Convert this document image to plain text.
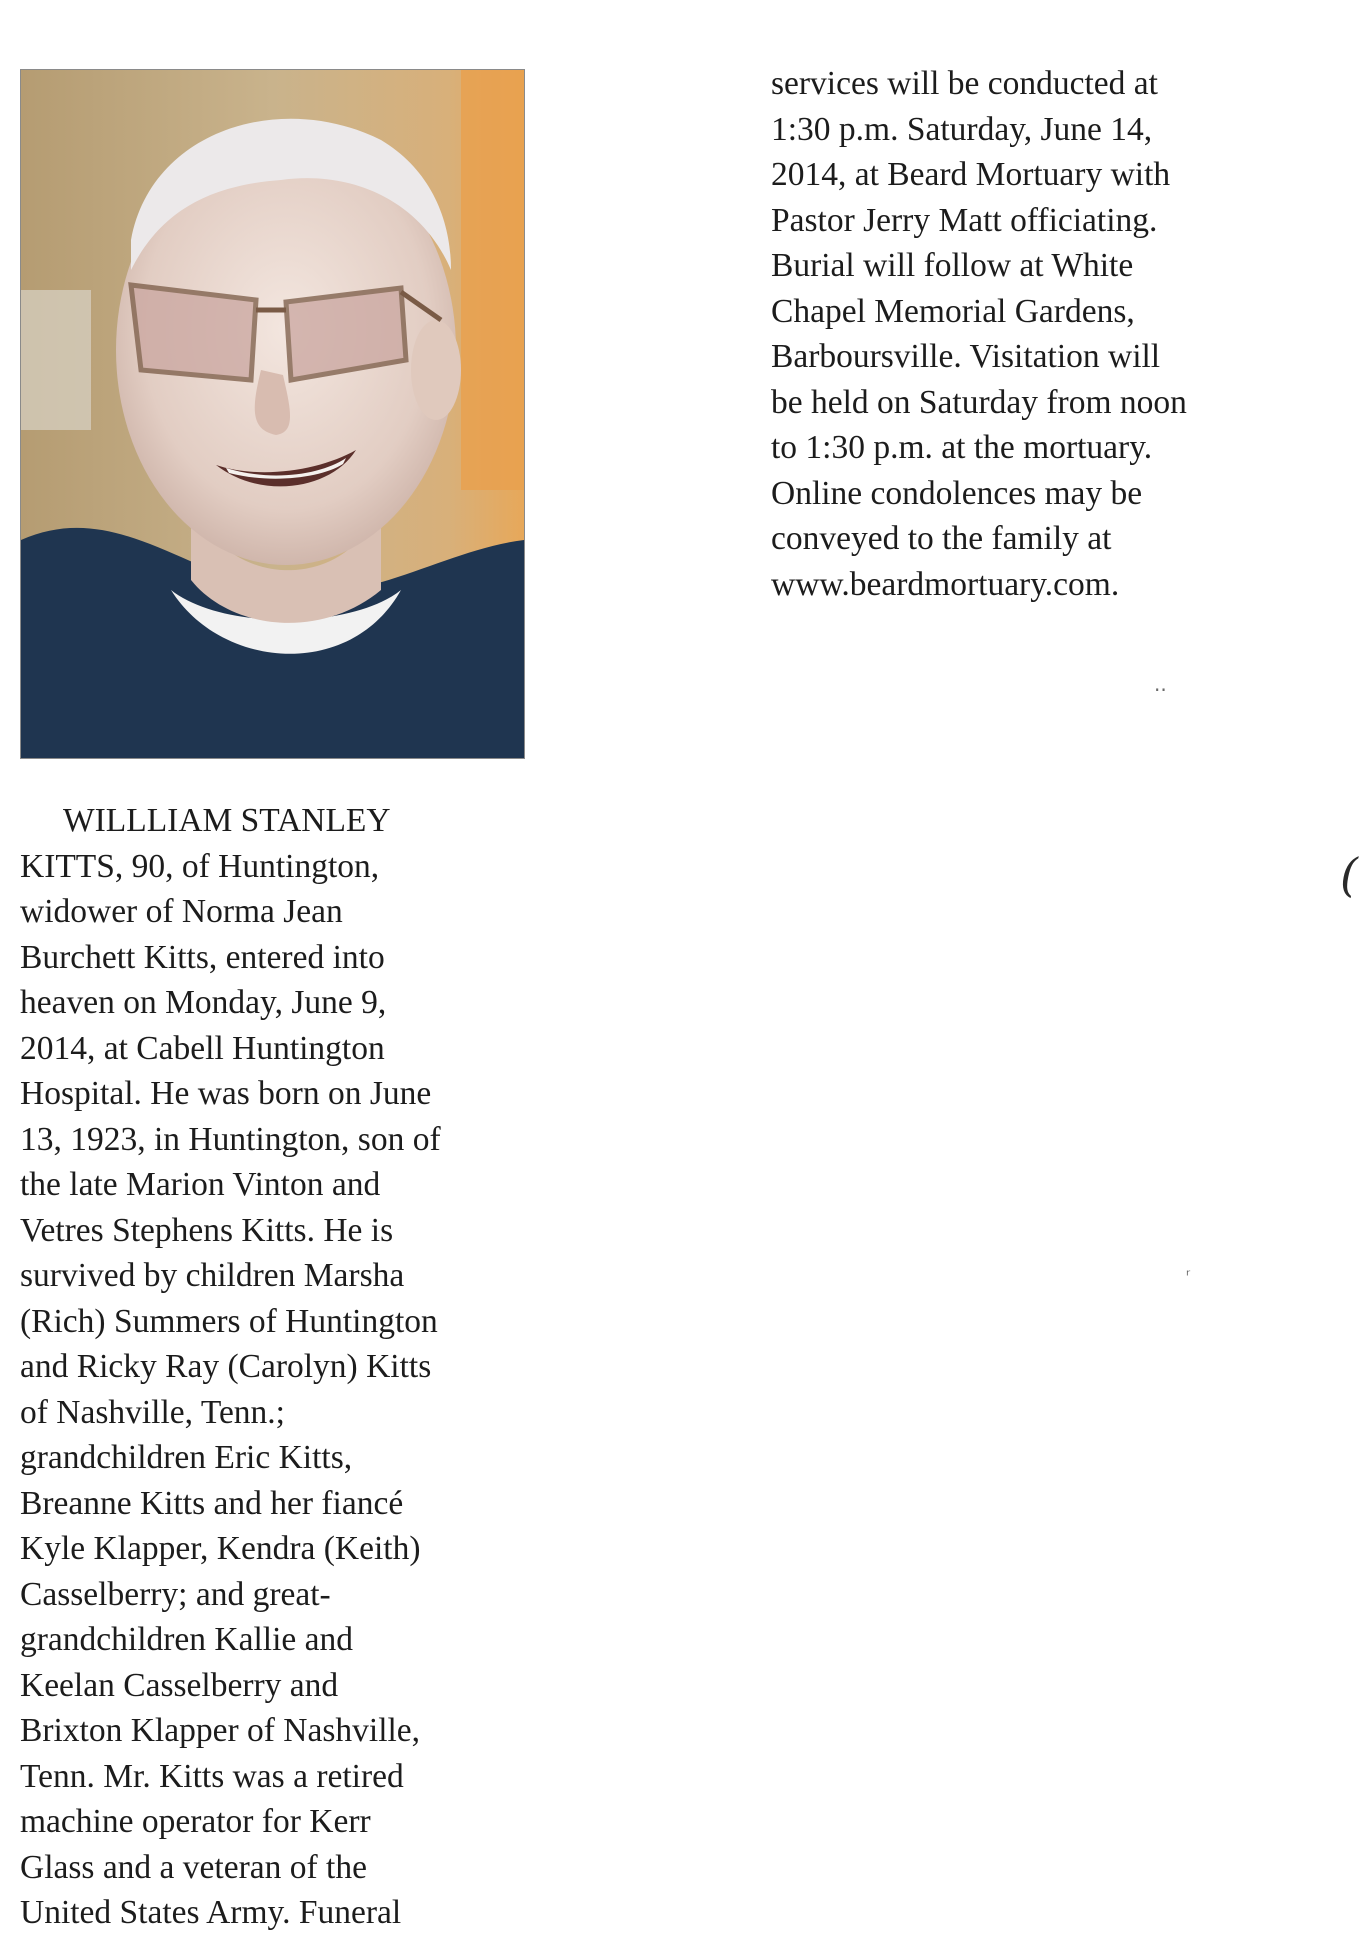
WILLLIAM STANLEY
KITTS, 90, of Huntington,
widower of Norma Jean
Burchett Kitts, entered into
heaven on Monday, June 9,
2014, at Cabell Huntington
Hospital. He was born on June
13, 1923, in Huntington, son of
the late Marion Vinton and
Vetres Stephens Kitts. He is
survived by children Marsha
(Rich) Summers of Huntington
and Ricky Ray (Carolyn) Kitts
of Nashville, Tenn.;
grandchildren Eric Kitts,
Breanne Kitts and her fiancé
Kyle Klapper, Kendra (Keith)
Casselberry; and great-
grandchildren Kallie and
Keelan Casselberry and
Brixton Klapper of Nashville,
Tenn. Mr. Kitts was a retired
machine operator for Kerr
Glass and a veteran of the
United States Army. Funeral
services will be conducted at
1:30 p.m. Saturday, June 14,
2014, at Beard Mortuary with
Pastor Jerry Matt officiating.
Burial will follow at White
Chapel Memorial Gardens,
Barboursville. Visitation will
be held on Saturday from noon
to 1:30 p.m. at the mortuary.
Online condolences may be
conveyed to the family at
www.beardmortuary.com.
(
··
ʳ
